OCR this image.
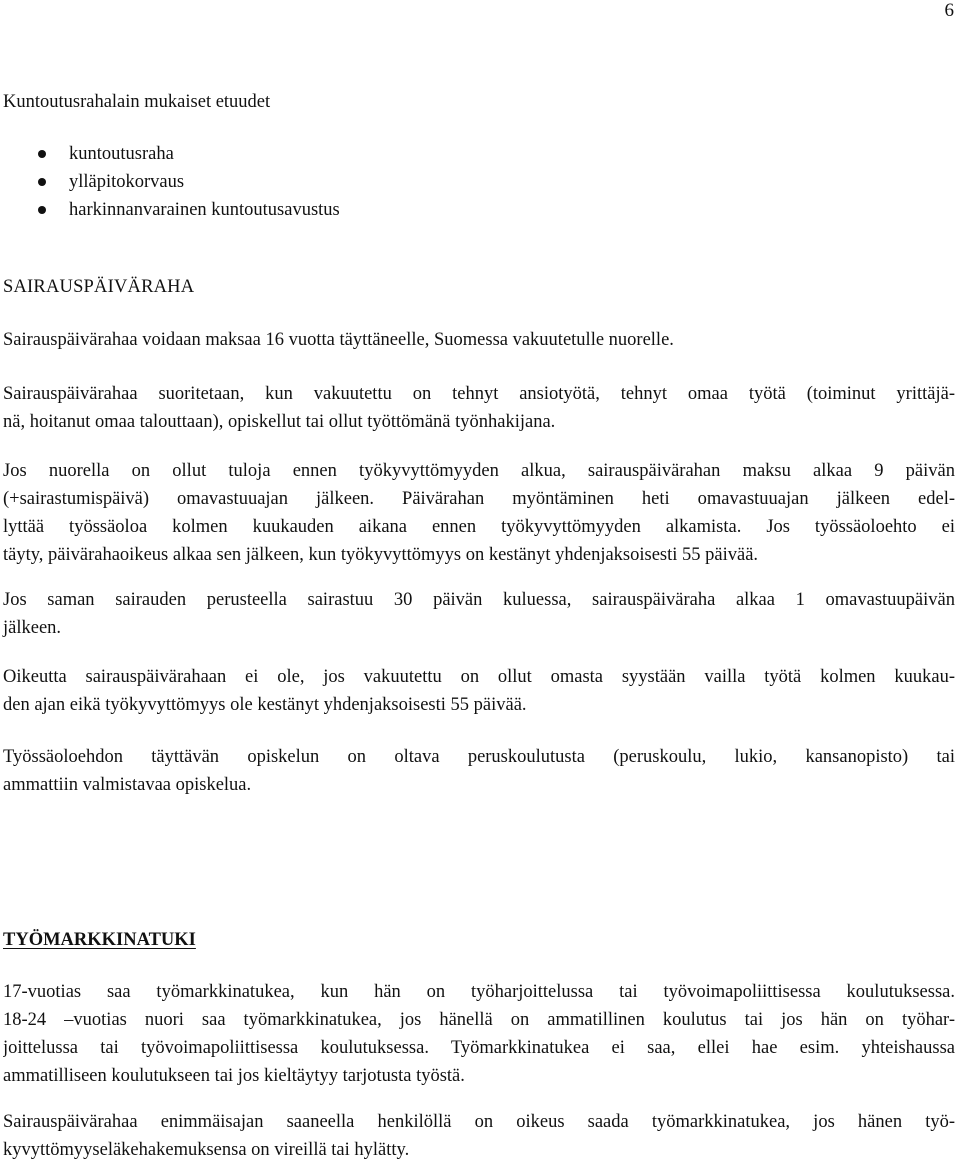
6
Kuntoutusrahalain mukaiset etuudet
kuntoutusraha
ylläpitokorvaus
harkinnanvarainen kuntoutusavustus
SAIRAUSPÄIVÄRAHA
Sairauspäivärahaa voidaan maksaa 16 vuotta täyttäneelle, Suomessa vakuutetulle nuorelle.
Sairauspäivärahaa suoritetaan, kun vakuutettu on tehnyt ansiotyötä, tehnyt omaa työtä (toiminut yrittäjä-
nä, hoitanut omaa talouttaan), opiskellut tai ollut työttömänä työnhakijana.
Jos nuorella on ollut tuloja ennen työkyvyttömyyden alkua, sairauspäivärahan maksu alkaa 9 päivän
(+sairastumispäivä) omavastuuajan jälkeen. Päivärahan myöntäminen heti omavastuuajan jälkeen edel-
lyttää työssäoloa kolmen kuukauden aikana ennen työkyvyttömyyden alkamista. Jos työssäoloehto ei
täyty, päivärahaoikeus alkaa sen jälkeen, kun työkyvyttömyys on kestänyt yhdenjaksoisesti 55 päivää.
Jos saman sairauden perusteella sairastuu 30 päivän kuluessa, sairauspäiväraha alkaa 1 omavastuupäivän
jälkeen.
Oikeutta sairauspäivärahaan ei ole, jos vakuutettu on ollut omasta syystään vailla työtä kolmen kuukau-
den ajan eikä työkyvyttömyys ole kestänyt yhdenjaksoisesti 55 päivää.
Työssäoloehdon täyttävän opiskelun on oltava peruskoulutusta (peruskoulu, lukio, kansanopisto) tai
ammattiin valmistavaa opiskelua.
TYÖMARKKINATUKI
17-vuotias saa työmarkkinatukea, kun hän on työharjoittelussa tai työvoimapoliittisessa koulutuksessa.
18-24 –vuotias nuori saa työmarkkinatukea, jos hänellä on ammatillinen koulutus tai jos hän on työhar-
joittelussa tai työvoimapoliittisessa koulutuksessa. Työmarkkinatukea ei saa, ellei hae esim. yhteishaussa
ammatilliseen koulutukseen tai jos kieltäytyy tarjotusta työstä.
Sairauspäivärahaa enimmäisajan saaneella henkilöllä on oikeus saada työmarkkinatukea, jos hänen työ-
kyvyttömyyseläkehakemuksensa on vireillä tai hylätty.
